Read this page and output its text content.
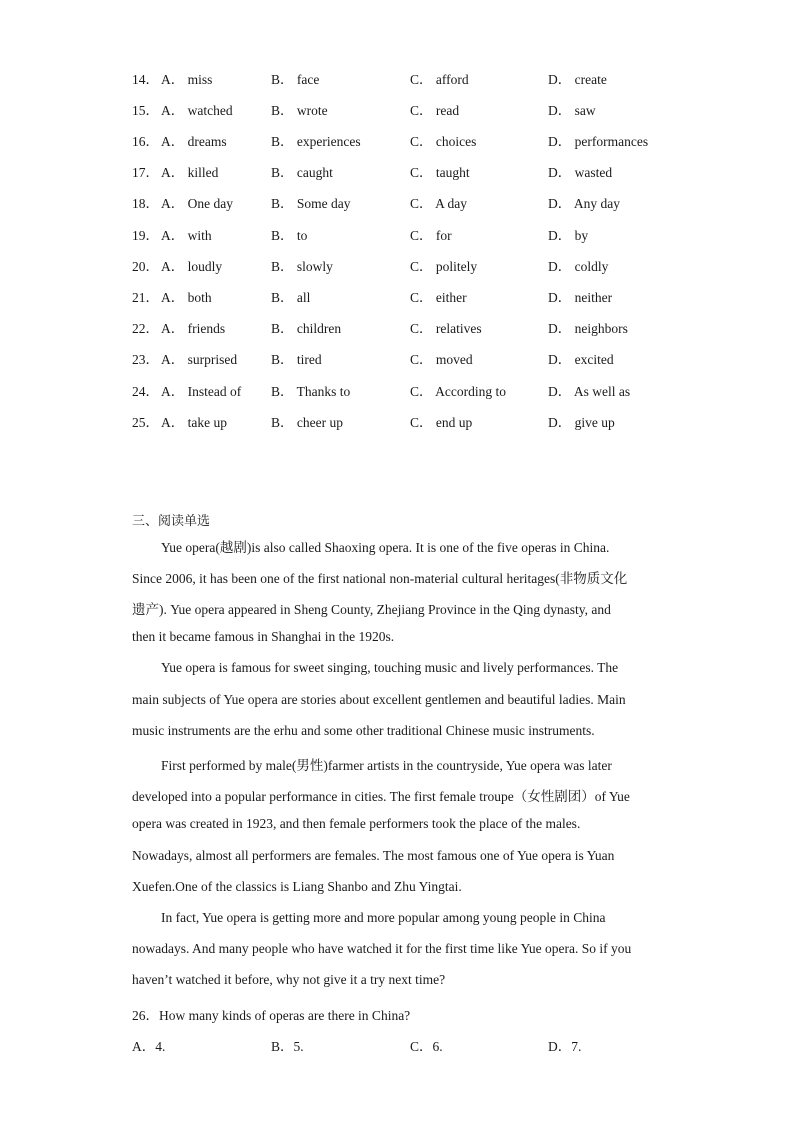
14． A． miss	B． face	C． afford	D． create
15． A． watched	B． wrote	C． read	D． saw
16． A． dreams	B． experiences	C． choices	D． performances
17． A． killed	B． caught	C． taught	D． wasted
18． A． One day	B． Some day	C． A day	D． Any day
19． A． with	B． to	C． for	D． by
20． A． loudly	B． slowly	C． politely	D． coldly
21． A． both	B． all	C． either	D． neither
22． A． friends	B． children	C． relatives	D． neighbors
23． A． surprised	B． tired	C． moved	D． excited
24． A． Instead of B． Thanks to	C． According to	D． As well as
25． A． take up	B． cheer up	C． end up	D． give up
三、阅读单选
Yue opera(越剧)is also called Shaoxing opera. It is one of the five operas in China.
Since 2006, it has been one of the first national non-material cultural heritages(非物质文化
遗产). Yue opera appeared in Sheng County, Zhejiang Province in the Qing dynasty, and
then it became famous in Shanghai in the 1920s.
Yue opera is famous for sweet singing, touching music and lively performances. The
main subjects of Yue opera are stories about excellent gentlemen and beautiful ladies. Main
music instruments are the erhu and some other traditional Chinese music instruments.
First performed by male(男性)farmer artists in the countryside, Yue opera was later
developed into a popular performance in cities. The first female troupe（女性剧团）of Yue
opera was created in 1923, and then female performers took the place of the males.
Nowadays, almost all performers are females. The most famous one of Yue opera is Yuan
Xuefen.One of the classics is Liang Shanbo and Zhu Yingtai.
In fact, Yue opera is getting more and more popular among young people in China
nowadays. And many people who have watched it for the first time like Yue opera. So if you
haven’t watched it before, why not give it a try next time?
26．How many kinds of operas are there in China?
A．4.	B．5.	C．6.	D．7.
